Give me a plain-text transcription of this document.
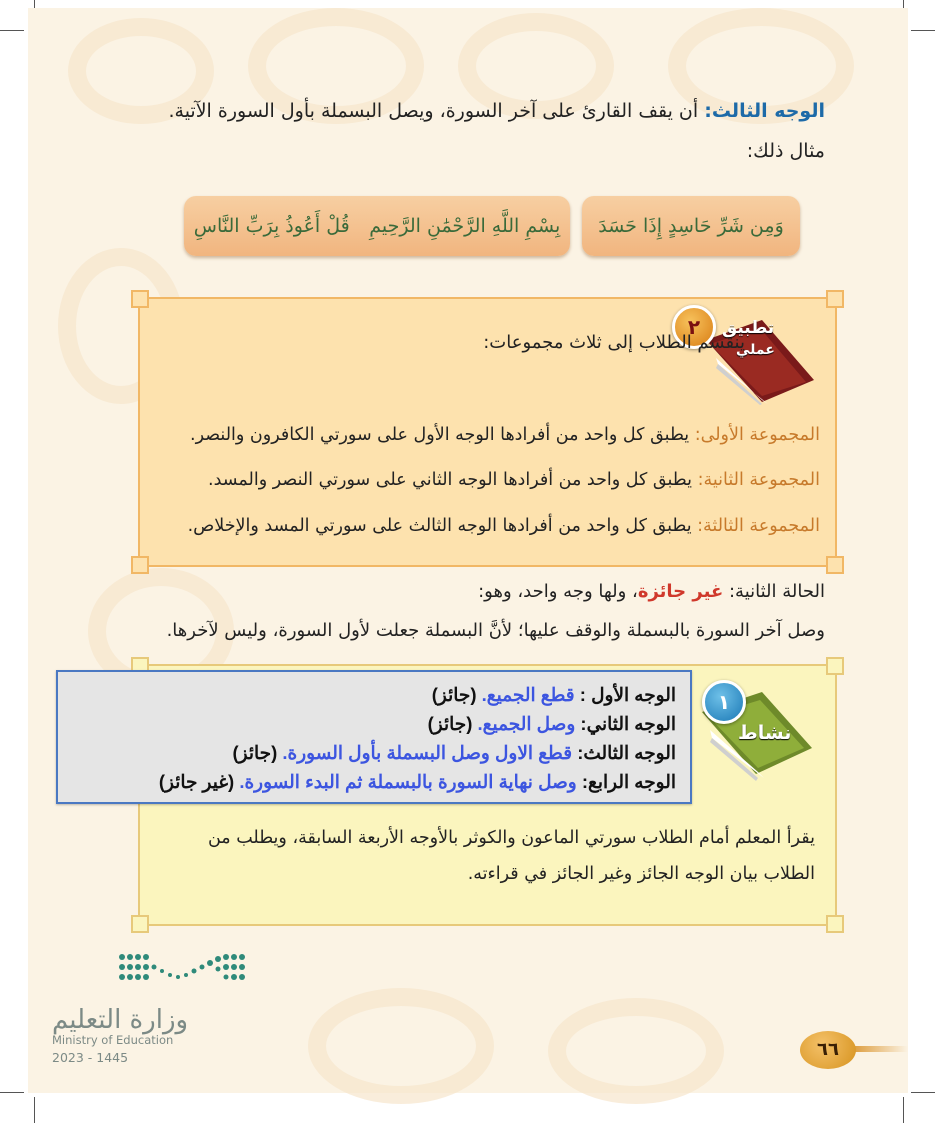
الوجه الثالث: أن يقف القارئ على آخر السورة، ويصل البسملة بأول السورة الآتية.
مثال ذلك:
وَمِن شَرِّ حَاسِدٍ إِذَا حَسَدَ
بِسْمِ اللَّهِ الرَّحْمَٰنِ الرَّحِيمِ
قُلْ أَعُوذُ بِرَبِّ النَّاسِ
٢	تطبيق
عملي
ينقسم الطلاب إلى ثلاث مجموعات:
المجموعة الأولى: يطبق كل واحد من أفرادها الوجه الأول على سورتي الكافرون والنصر.
المجموعة الثانية: يطبق كل واحد من أفرادها الوجه الثاني على سورتي النصر والمسد.
المجموعة الثالثة: يطبق كل واحد من أفرادها الوجه الثالث على سورتي المسد والإخلاص.
الحالة الثانية: غير جائزة، ولها وجه واحد، وهو:
وصل آخر السورة بالبسملة والوقف عليها؛ لأنَّ البسملة جعلت لأول السورة، وليس لآخرها.
١
نشاط
الوجه الأول : قطع الجميع. (جائز)
الوجه الثاني: وصل الجميع. (جائز)
الوجه الثالث: قطع الاول وصل البسملة بأول السورة. (جائز)
الوجه الرابع: وصل نهاية السورة بالبسملة ثم البدء السورة. (غير جائز)
يقرأ المعلم أمام الطلاب سورتي الماعون والكوثر بالأوجه الأربعة السابقة، ويطلب من
الطلاب بيان الوجه الجائز وغير الجائز في قراءته.
وزارة التعليم
Ministry of Education
2023 - 1445	٦٦
